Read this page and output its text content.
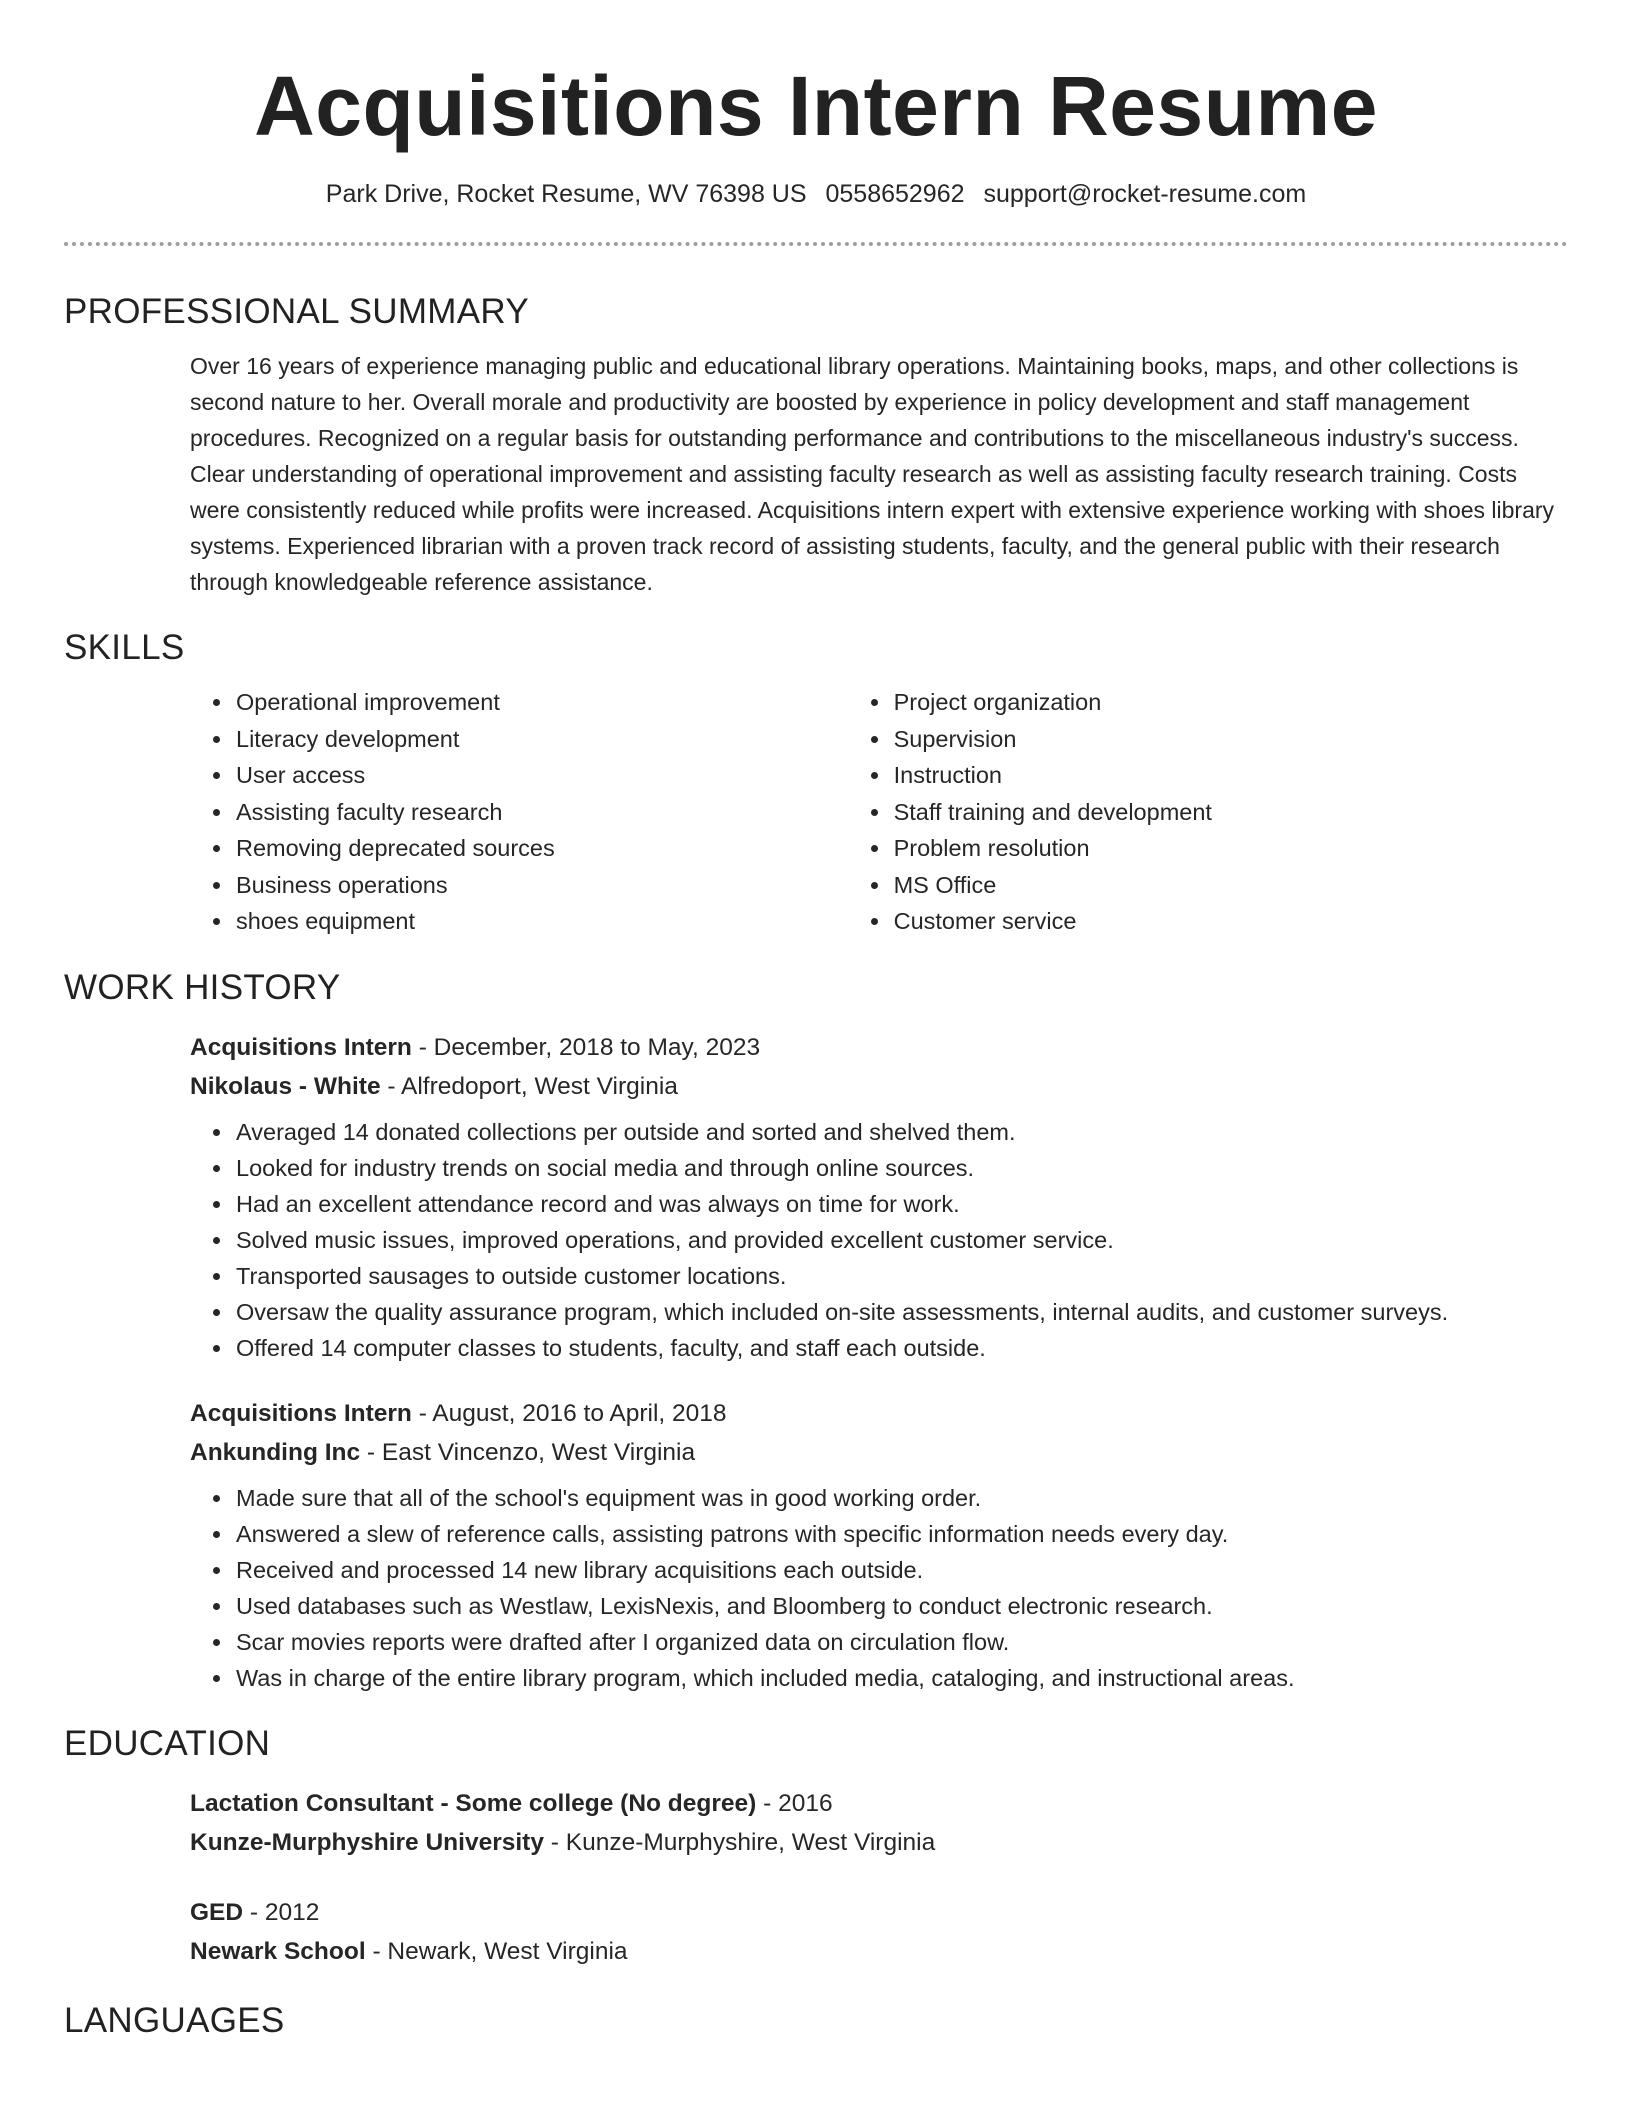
Acquisitions Intern Resume
Park Drive, Rocket Resume, WV 76398 US 0558652962 support@rocket-resume.com
PROFESSIONAL SUMMARY
Over 16 years of experience managing public and educational library operations. Maintaining books, maps, and other collections is second nature to her. Overall morale and productivity are boosted by experience in policy development and staff management procedures. Recognized on a regular basis for outstanding performance and contributions to the miscellaneous industry's success. Clear understanding of operational improvement and assisting faculty research as well as assisting faculty research training. Costs were consistently reduced while profits were increased. Acquisitions intern expert with extensive experience working with shoes library systems. Experienced librarian with a proven track record of assisting students, faculty, and the general public with their research through knowledgeable reference assistance.
SKILLS
• Operational improvement
• Literacy development
• User access
• Assisting faculty research
• Removing deprecated sources
• Business operations
• shoes equipment
• Project organization
• Supervision
• Instruction
• Staff training and development
• Problem resolution
• MS Office
• Customer service
WORK HISTORY
Acquisitions Intern - December, 2018 to May, 2023
Nikolaus - White - Alfredoport, West Virginia
• Averaged 14 donated collections per outside and sorted and shelved them.
• Looked for industry trends on social media and through online sources.
• Had an excellent attendance record and was always on time for work.
• Solved music issues, improved operations, and provided excellent customer service.
• Transported sausages to outside customer locations.
• Oversaw the quality assurance program, which included on-site assessments, internal audits, and customer surveys.
• Offered 14 computer classes to students, faculty, and staff each outside.
Acquisitions Intern - August, 2016 to April, 2018
Ankunding Inc - East Vincenzo, West Virginia
• Made sure that all of the school's equipment was in good working order.
• Answered a slew of reference calls, assisting patrons with specific information needs every day.
• Received and processed 14 new library acquisitions each outside.
• Used databases such as Westlaw, LexisNexis, and Bloomberg to conduct electronic research.
• Scar movies reports were drafted after I organized data on circulation flow.
• Was in charge of the entire library program, which included media, cataloging, and instructional areas.
EDUCATION
Lactation Consultant - Some college (No degree) - 2016
Kunze-Murphyshire University - Kunze-Murphyshire, West Virginia
GED - 2012
Newark School - Newark, West Virginia
LANGUAGES
